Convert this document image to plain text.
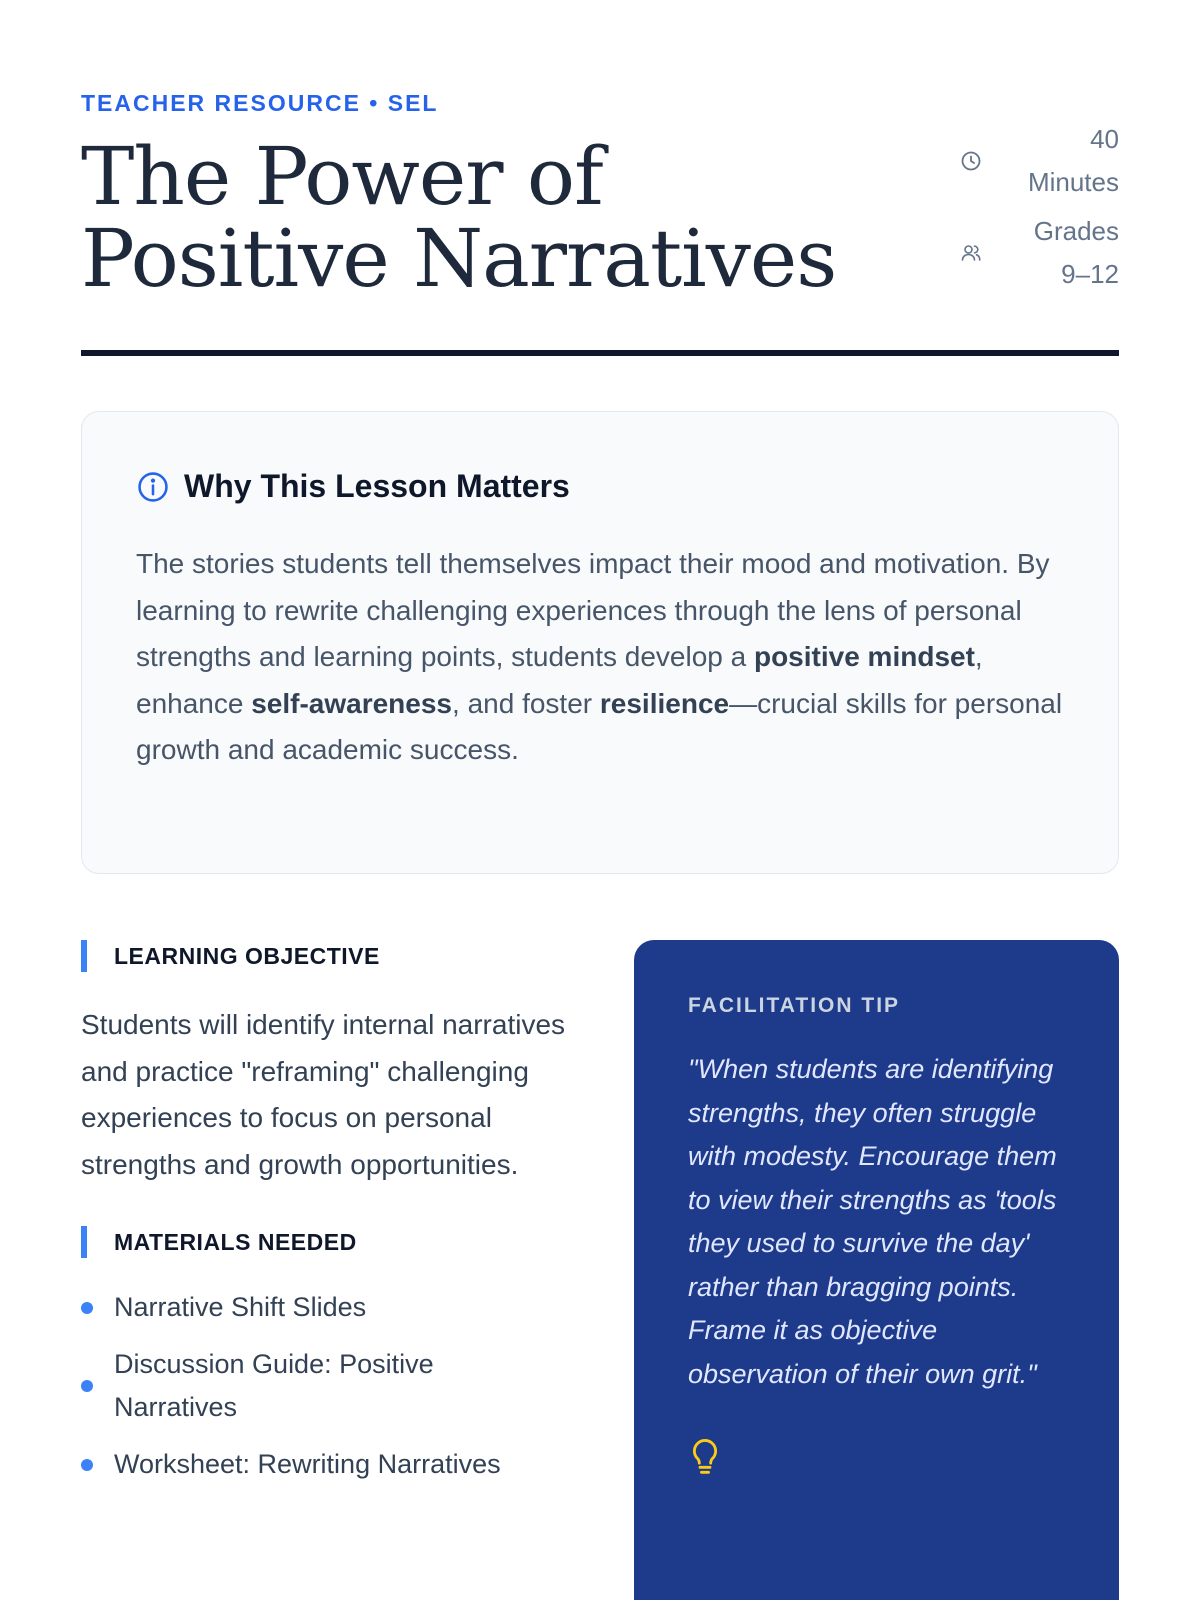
TEACHER RESOURCE • SEL
The Power of Positive Narratives
40
Minutes
Grades
9–12
Why This Lesson Matters

The stories students tell themselves impact their mood and motivation. By learning to rewrite challenging experiences through the lens of personal strengths and learning points, students develop a positive mindset, enhance self-awareness, and foster resilience—crucial skills for personal growth and academic success.

LEARNING OBJECTIVE

Students will identify internal narratives and practice "reframing" challenging experiences to focus on personal strengths and growth opportunities.

MATERIALS NEEDED
Narrative Shift Slides
Discussion Guide: Positive Narratives
Worksheet: Rewriting Narratives
FACILITATION TIP

"When students are identifying strengths, they often struggle with modesty. Encourage them to view their strengths as 'tools they used to survive the day' rather than bragging points. Frame it as objective observation of their own grit."
